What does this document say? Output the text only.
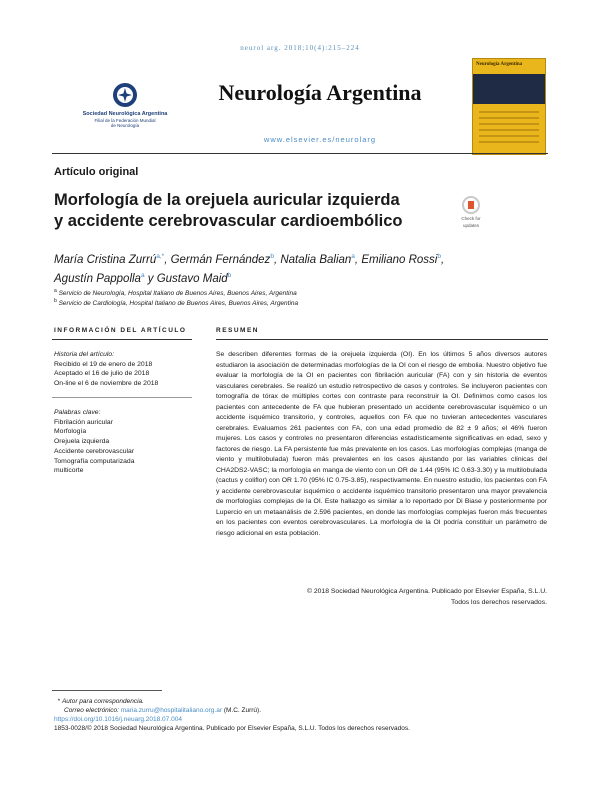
neurol arg. 2018;10(4):215–224
Sociedad Neurológica Argentina
Filial de la Federación Mundial
de Neurología
Neurología Argentina
www.elsevier.es/neurolarg
Neurología Argentina
Artículo original
Morfología de la orejuela auricular izquierda
y accidente cerebrovascular cardioembólico	Check for
updates
María Cristina Zurrú$^{a,*}$, Germán Fernández$^b$, Natalia Balian$^a$, Emiliano Rossi$^b$,
Agustín Pappolla$^a$ y Gustavo Maid$^b$
$^a$ Servicio de Neurología, Hospital Italiano de Buenos Aires, Buenos Aires, Argentina
$^b$ Servicio de Cardiología, Hospital Italiano de Buenos Aires, Buenos Aires, Argentina
INFORMACIÓN DEL ARTÍCULO	RESUMEN
Historia del artículo:
Recibido el 19 de enero de 2018
Aceptado el 16 de julio de 2018
On-line el 6 de noviembre de 2018
Palabras clave:
Fibrilación auricular
Morfología
Orejuela izquierda
Accidente cerebrovascular
Tomografía computarizada
multicorte
Se describen diferentes formas de la orejuela izquierda (OI). En los últimos 5 años diversos autores estudiaron la asociación de determinadas morfologías de la OI con el riesgo de embolia. Nuestro objetivo fue evaluar la morfología de la OI en pacientes con fibrilación auricular (FA) con y sin historia de eventos vasculares cerebrales. Se realizó un estudio retrospectivo de casos y controles. Se incluyeron pacientes con tomografía de tórax de múltiples cortes con contraste para reconstruir la OI. Definimos como casos los pacientes con antecedente de FA que hubieran presentado un accidente cerebrovascular isquémico o un accidente isquémico transitorio, y controles, aquellos con FA que no tuvieran antecedentes vasculares cerebrales. Evaluamos 261 pacientes con FA, con una edad promedio de 82 ± 9 años; el 46% fueron mujeres. Los casos y controles no presentaron diferencias estadísticamente significativas en edad, sexo y factores de riesgo. La FA persistente fue más prevalente en los casos. Las morfologías complejas (manga de viento y multilobulada) fueron más prevalentes en los casos ajustando por las variables clínicas del CHA2DS2-VASC; la morfología en manga de viento con un OR de 1.44 (95% IC 0.63-3.30) y la multilobulada (cactus y coliflor) con OR 1.70 (95% IC 0.75-3.85), respectivamente. En nuestro estudio, los pacientes con FA y accidente cerebrovascular isquémico o accidente isquémico transitorio presentaron una mayor prevalencia de morfologías complejas de la OI. Este hallazgo es similar a lo reportado por Di Biase y posteriormente por Lupercio en un metaanálisis de 2.596 pacientes, en donde las morfologías complejas fueron más frecuentes en los pacientes con eventos cerebrovasculares. La morfología de la OI podría constituir un parámetro de riesgo adicional en esta población.
© 2018 Sociedad Neurológica Argentina. Publicado por Elsevier España, S.L.U. Todos los derechos reservados.
* Autor para correspondencia.
Correo electrónico: maria.zurru@hospitalitaliano.org.ar (M.C. Zurrú).
https://doi.org/10.1016/j.neuarg.2018.07.004
1853-0028/© 2018 Sociedad Neurológica Argentina. Publicado por Elsevier España, S.L.U. Todos los derechos reservados.
